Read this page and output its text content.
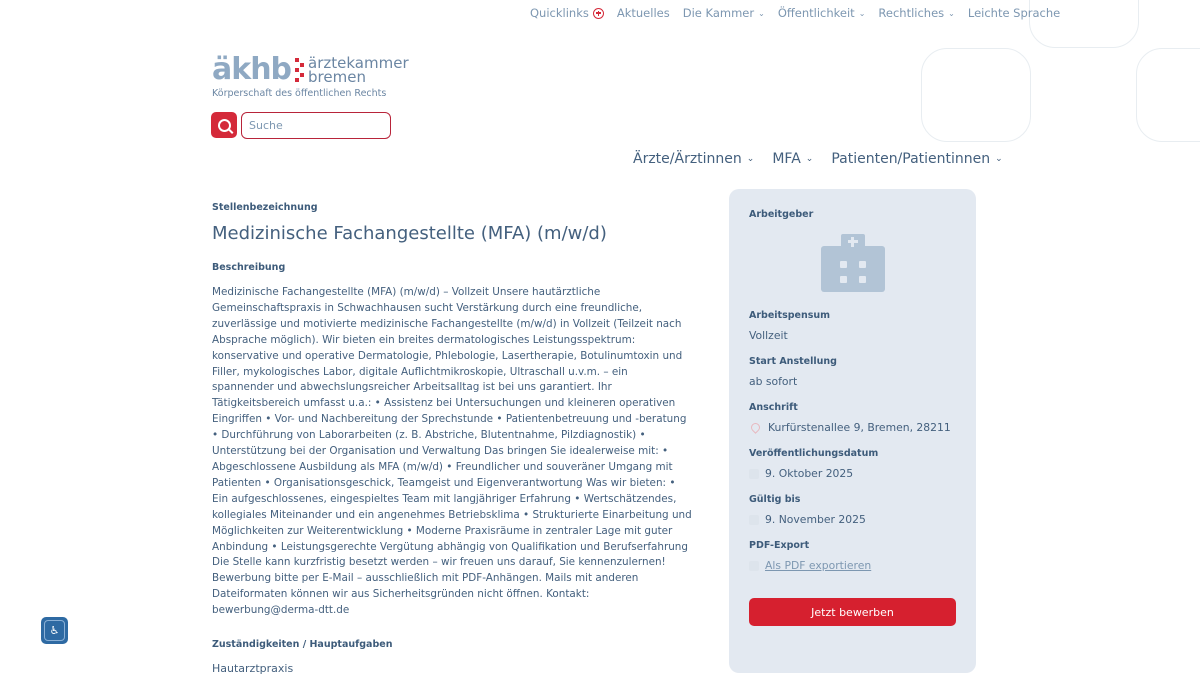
Quicklinks Aktuelles Die Kammer ⌄ Öffentlichkeit ⌄ Rechtliches ⌄ Leichte Sprache
äkhb ärztekammer
bremen
Körperschaft des öffentlichen Rechts
Suche
Ärzte/Ärztinnen ⌄ MFA ⌄ Patienten/Patientinnen ⌄
Stellenbezeichnung
Medizinische Fachangestellte (MFA) (m/w/d)
Beschreibung

Medizinische Fachangestellte (MFA) (m/w/d) – Vollzeit Unsere hautärztliche Gemeinschaftspraxis in Schwachhausen sucht Verstärkung durch eine freundliche, zuverlässige und motivierte medizinische Fachangestellte (m/w/d) in Vollzeit (Teilzeit nach Absprache möglich). Wir bieten ein breites dermatologisches Leistungsspektrum: konservative und operative Dermatologie, Phlebologie, Lasertherapie, Botulinumtoxin und Filler, mykologisches Labor, digitale Auflichtmikroskopie, Ultraschall u.v.m. – ein spannender und abwechslungsreicher Arbeitsalltag ist bei uns garantiert. Ihr Tätigkeitsbereich umfasst u.a.: • Assistenz bei Untersuchungen und kleineren operativen Eingriffen • Vor- und Nachbereitung der Sprechstunde • Patientenbetreuung und -beratung • Durchführung von Laborarbeiten (z. B. Abstriche, Blutentnahme, Pilzdiagnostik) • Unterstützung bei der Organisation und Verwaltung Das bringen Sie idealerweise mit: • Abgeschlossene Ausbildung als MFA (m/w/d) • Freundlicher und souveräner Umgang mit Patienten • Organisationsgeschick, Teamgeist und Eigenverantwortung Was wir bieten: • Ein aufgeschlossenes, eingespieltes Team mit langjähriger Erfahrung • Wertschätzendes, kollegiales Miteinander und ein angenehmes Betriebsklima • Strukturierte Einarbeitung und Möglichkeiten zur Weiterentwicklung • Moderne Praxisräume in zentraler Lage mit guter Anbindung • Leistungsgerechte Vergütung abhängig von Qualifikation und Berufserfahrung Die Stelle kann kurzfristig besetzt werden – wir freuen uns darauf, Sie kennenzulernen! Bewerbung bitte per E-Mail – ausschließlich mit PDF-Anhängen. Mails mit anderen Dateiformaten können wir aus Sicherheitsgründen nicht öffnen. Kontakt: bewerbung@derma-dtt.de

Zuständigkeiten / Hauptaufgaben
Hautarztpraxis
Arbeitgeber
Arbeitspensum
Vollzeit
Start Anstellung
ab sofort
Anschrift
Kurfürstenallee 9, Bremen, 28211
Veröffentlichungsdatum
9. Oktober 2025
Gültig bis
9. November 2025
PDF-Export
Als PDF exportieren
Jetzt bewerben
♿
